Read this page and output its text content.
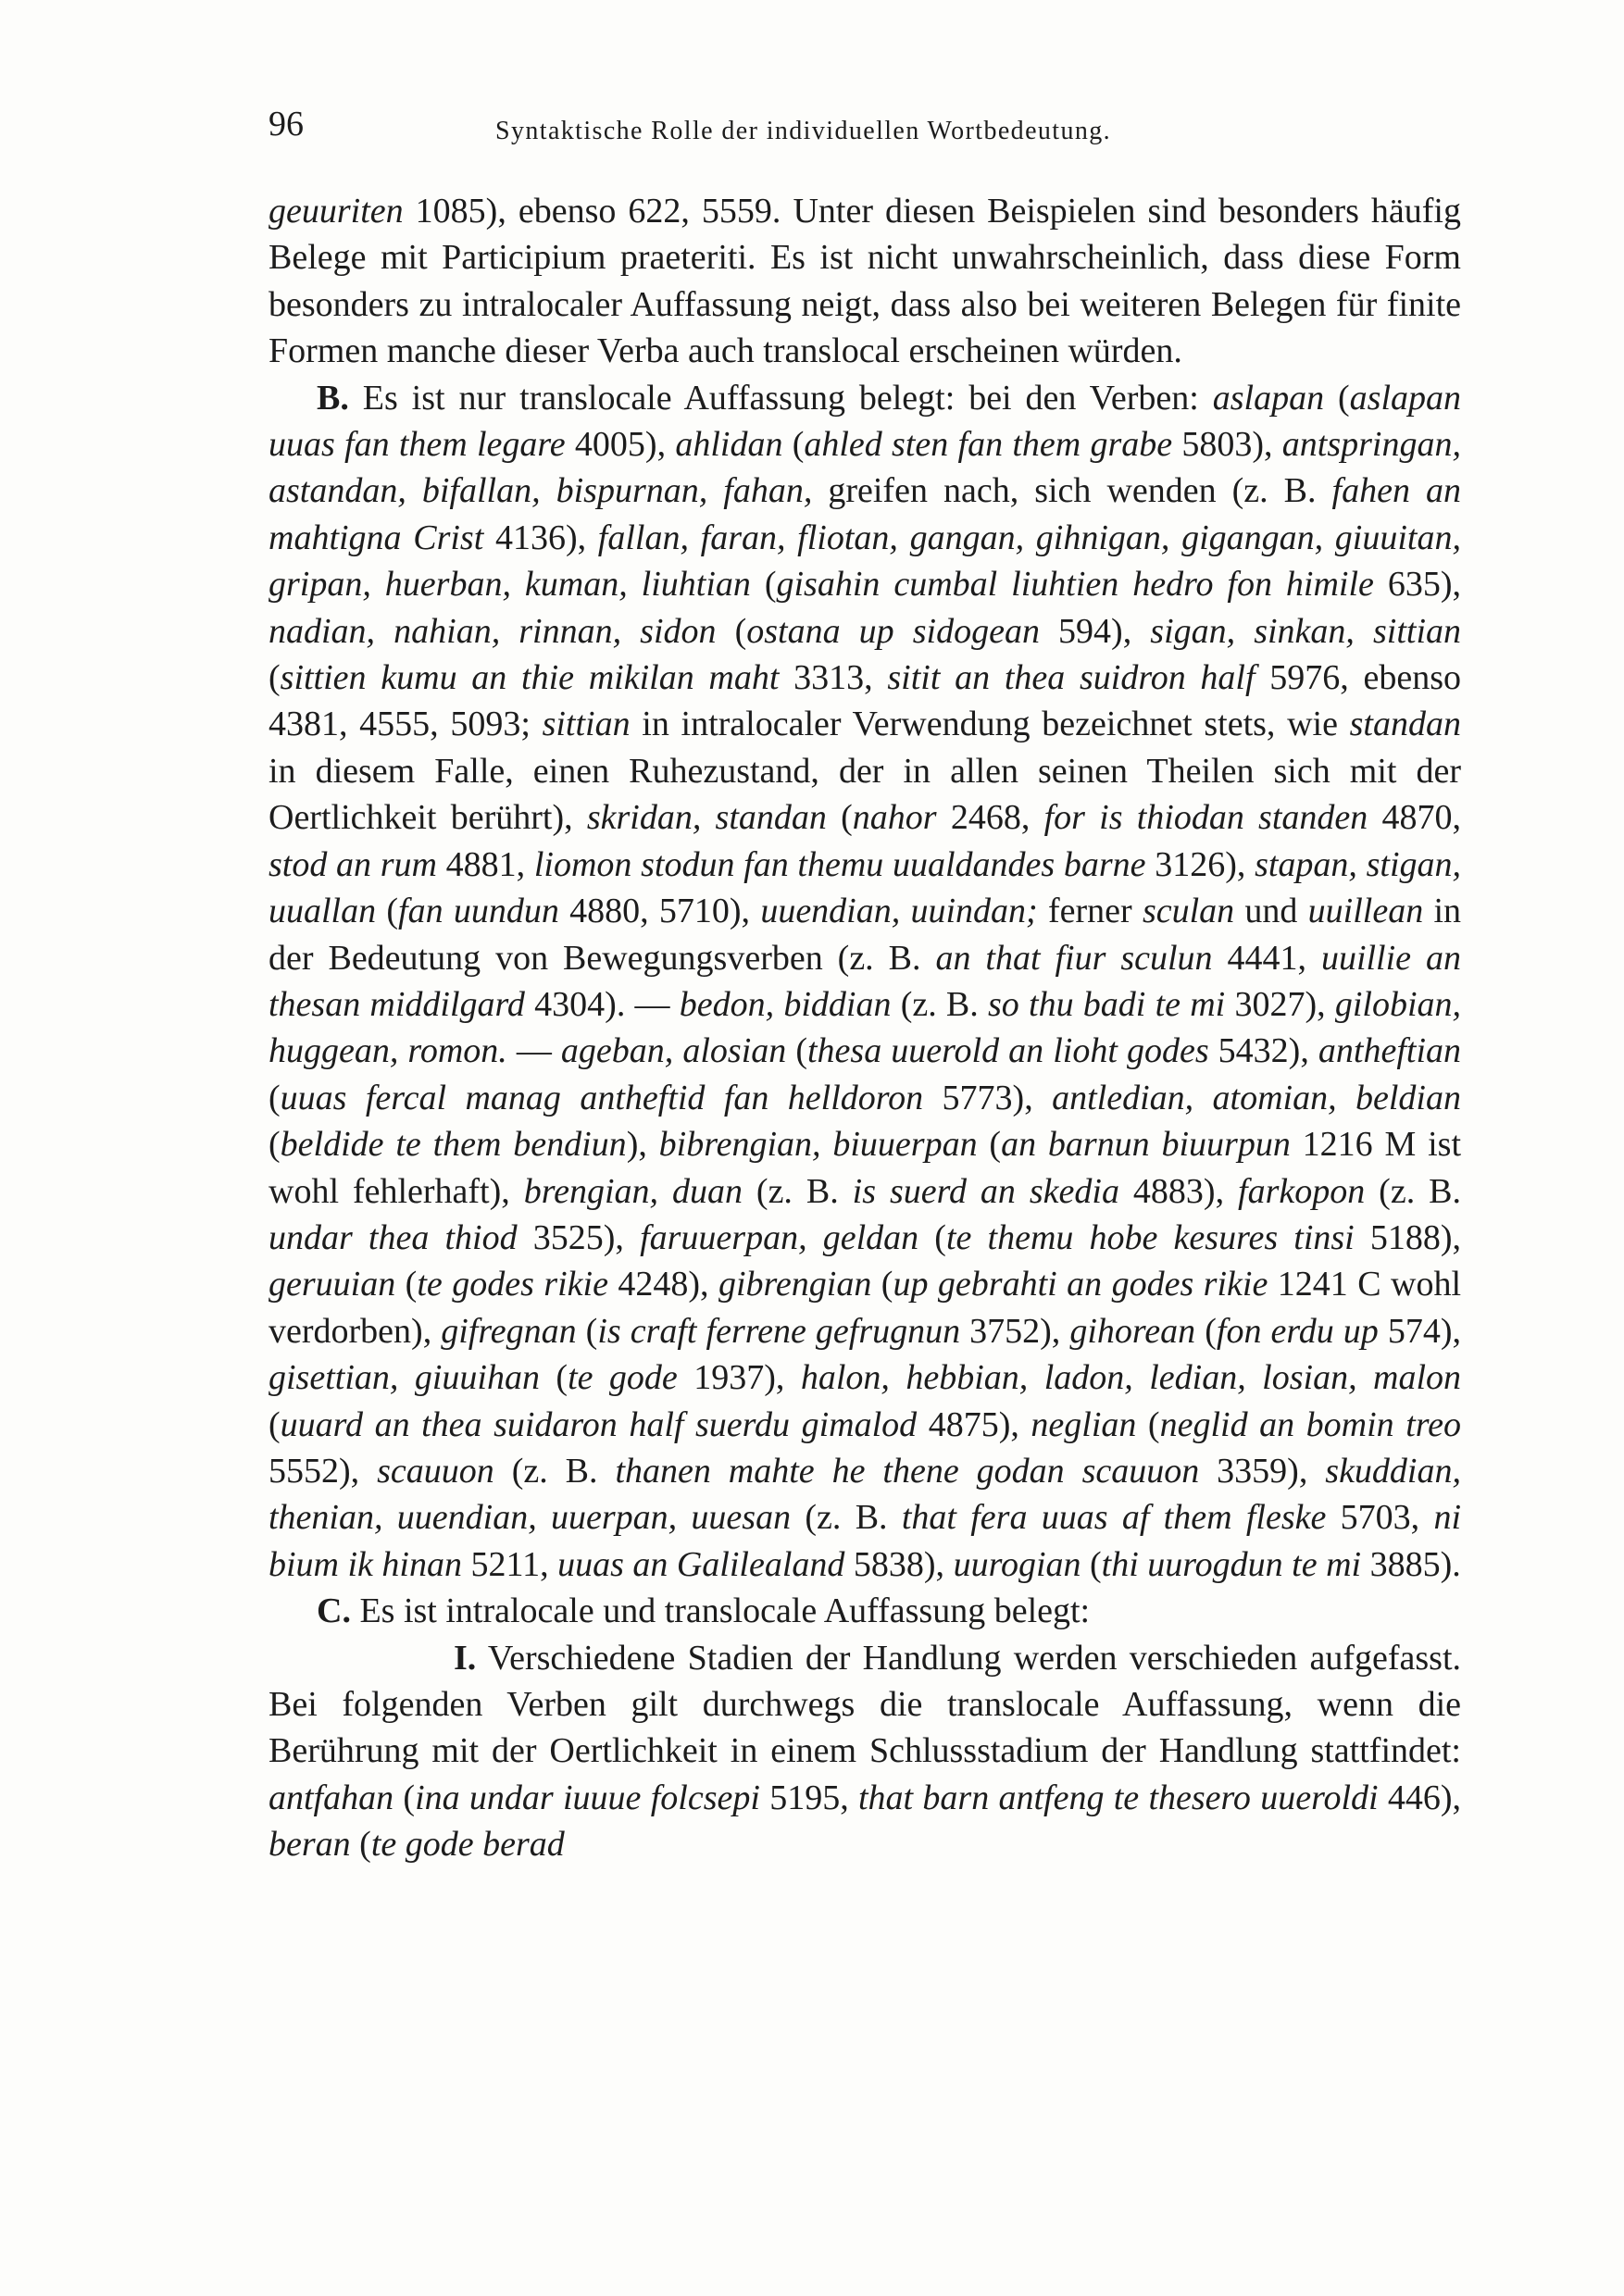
96	Syntaktische Rolle der individuellen Wortbedeutung.

geuuriten 1085), ebenso 622, 5559. Unter diesen Beispielen sind besonders häufig Belege mit Participium praeteriti. Es ist nicht unwahrscheinlich, dass diese Form besonders zu intralocaler Auffassung neigt, dass also bei weiteren Belegen für finite Formen manche dieser Verba auch translocal erscheinen würden.

B. Es ist nur translocale Auffassung belegt: bei den Verben: aslapan (aslapan uuas fan them legare 4005), ahlidan (ahled sten fan them grabe 5803), antspringan, astandan, bifallan, bispurnan, fahan, greifen nach, sich wenden (z. B. fahen an mahtigna Crist 4136), fallan, faran, fliotan, gangan, gihnigan, gigangan, giuuitan, gripan, huerban, kuman, liuhtian (gisahin cumbal liuhtien hedro fon himile 635), nadian, nahian, rinnan, sidon (ostana up sidogean 594), sigan, sinkan, sittian (sittien kumu an thie mikilan maht 3313, sitit an thea suidron half 5976, ebenso 4381, 4555, 5093; sittian in intralocaler Verwendung bezeichnet stets, wie standan in diesem Falle, einen Ruhezustand, der in allen seinen Theilen sich mit der Oertlichkeit berührt), skridan, standan (nahor 2468, for is thiodan standen 4870, stod an rum 4881, liomon stodun fan themu uualdandes barne 3126), stapan, stigan, uuallan (fan uundun 4880, 5710), uuendian, uuindan; ferner sculan und uuillean in der Bedeutung von Bewegungsverben (z. B. an that fiur sculun 4441, uuillie an thesan middilgard 4304). — bedon, biddian (z. B. so thu badi te mi 3027), gilobian, huggean, romon. — ageban, alosian (thesa uuerold an lioht godes 5432), antheftian (uuas fercal manag antheftid fan helldoron 5773), antledian, atomian, beldian (beldide te them bendiun), bibrengian, biuuerpan (an barnun biuurpun 1216 M ist wohl fehlerhaft), brengian, duan (z. B. is suerd an skedia 4883), farkopon (z. B. undar thea thiod 3525), faruuerpan, geldan (te themu hobe kesures tinsi 5188), geruuian (te godes rikie 4248), gibrengian (up gebrahti an godes rikie 1241 C wohl verdorben), gifregnan (is craft ferrene gefrugnun 3752), gihorean (fon erdu up 574), gisettian, giuuihan (te gode 1937), halon, hebbian, ladon, ledian, losian, malon (uuard an thea suidaron half suerdu gimalod 4875), neglian (neglid an bomin treo 5552), scauuon (z. B. thanen mahte he thene godan scauuon 3359), skuddian, thenian, uuendian, uuerpan, uuesan (z. B. that fera uuas af them fleske 5703, ni bium ik hinan 5211, uuas an Galilealand 5838), uurogian (thi uurogdun te mi 3885).

C. Es ist intralocale und translocale Auffassung belegt:

I. Verschiedene Stadien der Handlung werden verschieden aufgefasst. Bei folgenden Verben gilt durchwegs die translocale Auffassung, wenn die Berührung mit der Oertlichkeit in einem Schlussstadium der Handlung stattfindet: antfahan (ina undar iuuue folcsepi 5195, that barn antfeng te thesero uueroldi 446), beran (te gode berad
